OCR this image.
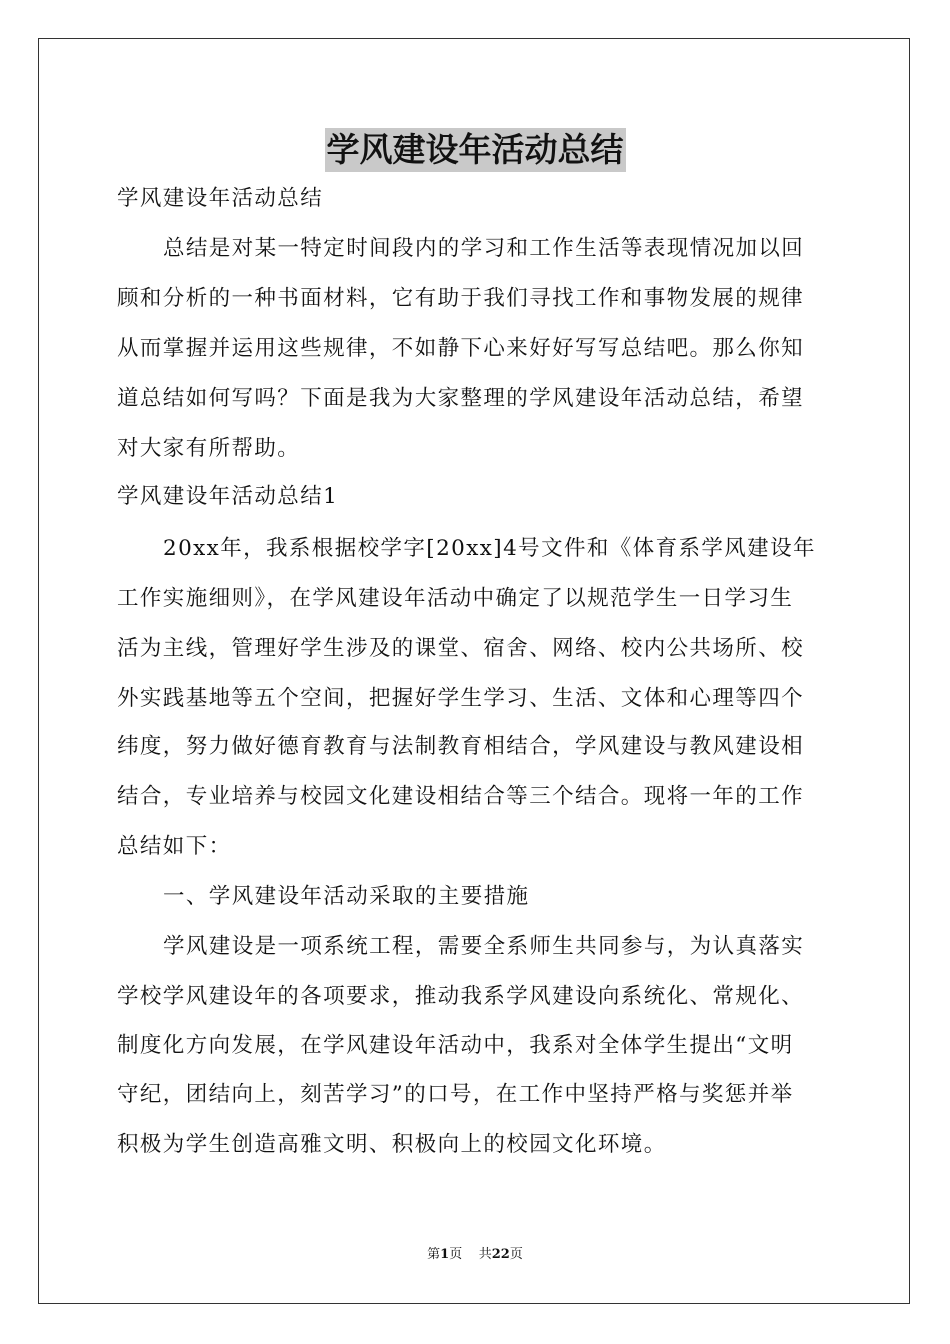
学风建设年活动总结
学风建设年活动总结
总结是对某一特定时间段内的学习和工作生活等表现情况加以回
顾和分析的一种书面材料，它有助于我们寻找工作和事物发展的规律
从而掌握并运用这些规律，不如静下心来好好写写总结吧。那么你知
道总结如何写吗？下面是我为大家整理的学风建设年活动总结，希望
对大家有所帮助。
学风建设年活动总结1
20xx年，我系根据校学字[20xx]4号文件和《体育系学风建设年
工作实施细则》，在学风建设年活动中确定了以规范学生一日学习生
活为主线，管理好学生涉及的课堂、宿舍、网络、校内公共场所、校
外实践基地等五个空间，把握好学生学习、生活、文体和心理等四个
纬度，努力做好德育教育与法制教育相结合，学风建设与教风建设相
结合，专业培养与校园文化建设相结合等三个结合。现将一年的工作
总结如下：
一、学风建设年活动采取的主要措施
学风建设是一项系统工程，需要全系师生共同参与，为认真落实
学校学风建设年的各项要求，推动我系学风建设向系统化、常规化、
制度化方向发展，在学风建设年活动中，我系对全体学生提出“文明
守纪，团结向上，刻苦学习”的口号，在工作中坚持严格与奖惩并举
积极为学生创造高雅文明、积极向上的校园文化环境。
第1页 共22页
